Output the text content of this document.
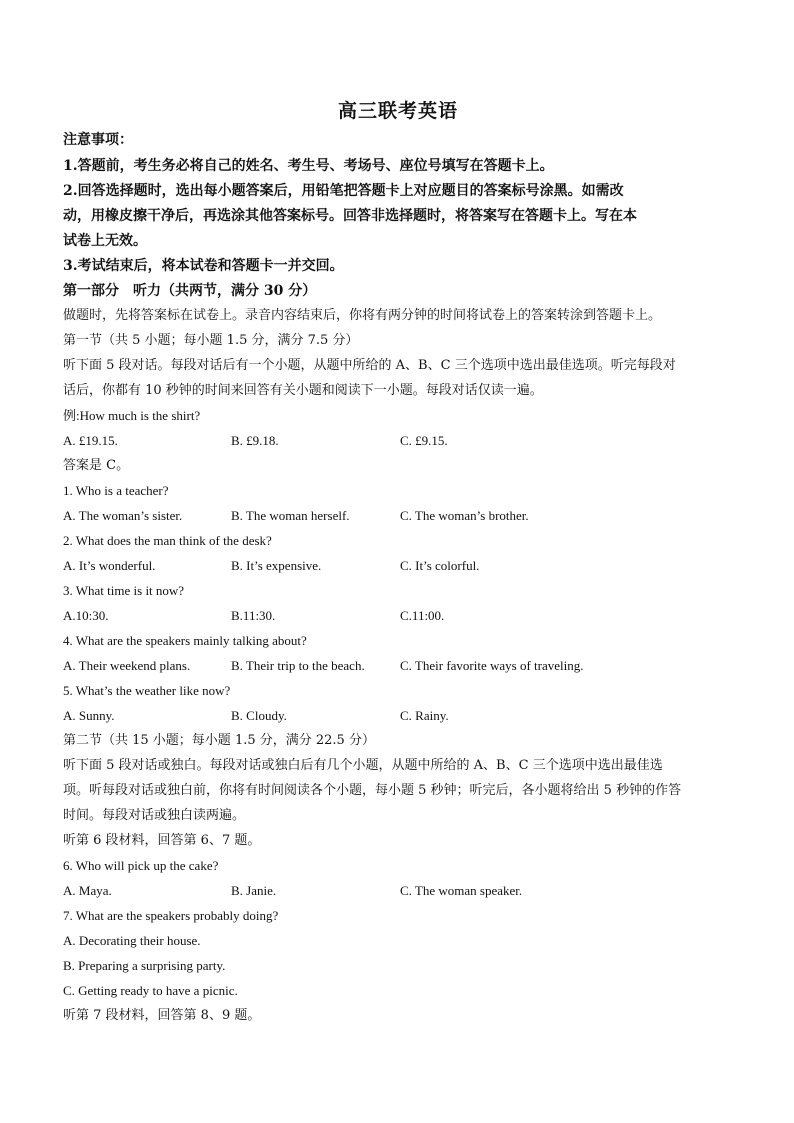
高三联考英语
注意事项：
1.答题前，考生务必将自己的姓名、考生号、考场号、座位号填写在答题卡上。
2.回答选择题时，选出每小题答案后，用铅笔把答题卡上对应题目的答案标号涂黑。如需改
动，用橡皮擦干净后，再选涂其他答案标号。回答非选择题时，将答案写在答题卡上。写在本
试卷上无效。
3.考试结束后，将本试卷和答题卡一并交回。
第一部分　听力（共两节，满分 30 分）
做题时，先将答案标在试卷上。录音内容结束后，你将有两分钟的时间将试卷上的答案转涂到答题卡上。
第一节（共 5 小题；每小题 1.5 分，满分 7.5 分）
听下面 5 段对话。每段对话后有一个小题，从题中所给的 A、B、C 三个选项中选出最佳选项。听完每段对
话后，你都有 10 秒钟的时间来回答有关小题和阅读下一小题。每段对话仅读一遍。
例:How much is the shirt?
A. £19.15.	B. £9.18.	C. £9.15.
答案是 C。
1. Who is a teacher?
A. The woman’s sister.	B. The woman herself.	C. The woman’s brother.
2. What does the man think of the desk?
A. It’s wonderful.	B. It’s expensive.	C. It’s colorful.
3. What time is it now?
A.10:30.	B.11:30.	C.11:00.
4. What are the speakers mainly talking about?
A. Their weekend plans.	B. Their trip to the beach.	C. Their favorite ways of traveling.
5. What’s the weather like now?
A. Sunny.	B. Cloudy.	C. Rainy.
第二节（共 15 小题；每小题 1.5 分，满分 22.5 分）
听下面 5 段对话或独白。每段对话或独白后有几个小题，从题中所给的 A、B、C 三个选项中选出最佳选
项。听每段对话或独白前，你将有时间阅读各个小题，每小题 5 秒钟；听完后，各小题将给出 5 秒钟的作答
时间。每段对话或独白读两遍。
听第 6 段材料，回答第 6、7 题。
6. Who will pick up the cake?
A. Maya.	B. Janie.	C. The woman speaker.
7. What are the speakers probably doing?
A. Decorating their house.
B. Preparing a surprising party.
C. Getting ready to have a picnic.
听第 7 段材料，回答第 8、9 题。
